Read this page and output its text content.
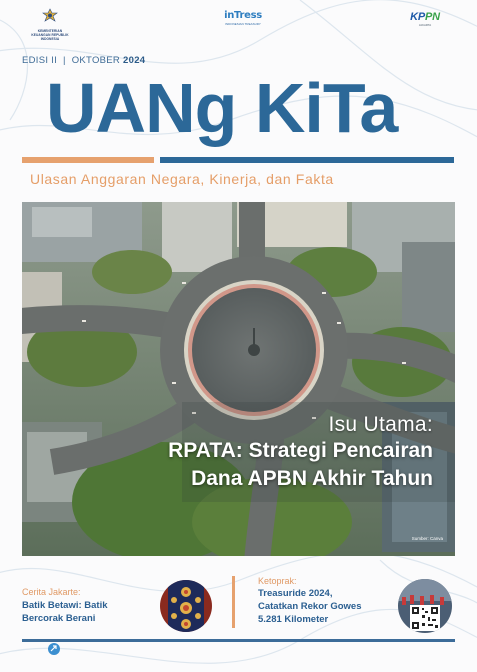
KEMENTERIAN KEUANGAN REPUBLIK INDONESIA
inTress
INDONESIAN TREASURY
KPPN
JAKARTA
EDISI II | OKTOBER 2024
UANg KiTa
Ulasan Anggaran Negara, Kinerja, dan Fakta
Isu Utama:
RPATA: Strategi Pencairan
Dana APBN Akhir Tahun
Sumber: Canva
Cerita Jakarte:
Batik Betawi: Batik
Bercorak Berani
Ketoprak:
Treasuride 2024,
Catatkan Rekor Gowes
5.281 Kilometer
